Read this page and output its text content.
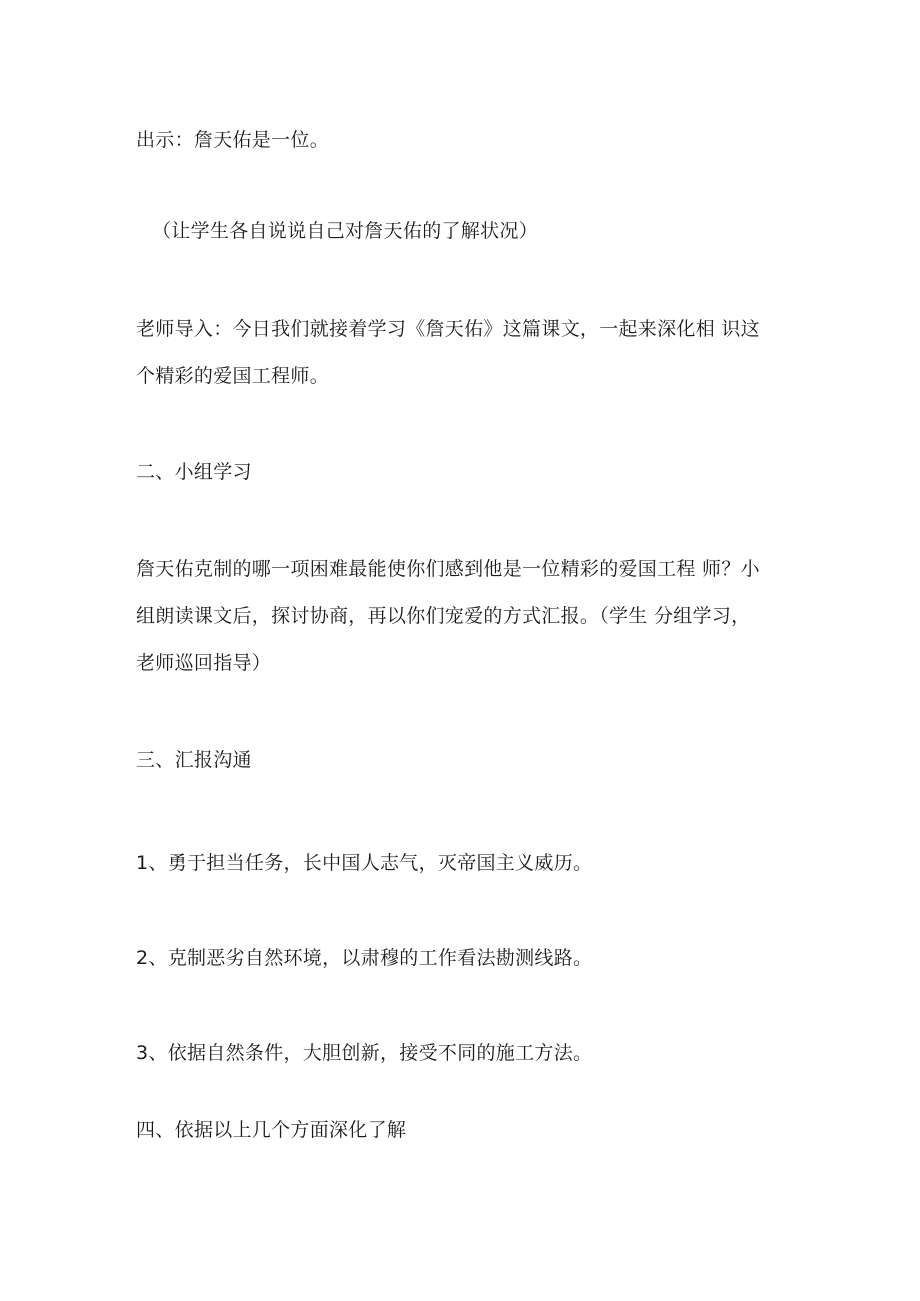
出示：詹天佑是一位。
（让学生各自说说自己对詹天佑的了解状况）
老师导入：今日我们就接着学习《詹天佑》这篇课文，一起来深化相 识这
个精彩的爱国工程师。
二、小组学习
詹天佑克制的哪一项困难最能使你们感到他是一位精彩的爱国工程 师？小
组朗读课文后，探讨协商，再以你们宠爱的方式汇报。（学生 分组学习，
老师巡回指导）
三、汇报沟通
1、勇于担当任务，长中国人志气，灭帝国主义威历。
2、克制恶劣自然环境，以肃穆的工作看法勘测线路。
3、依据自然条件，大胆创新，接受不同的施工方法。
四、依据以上几个方面深化了解
